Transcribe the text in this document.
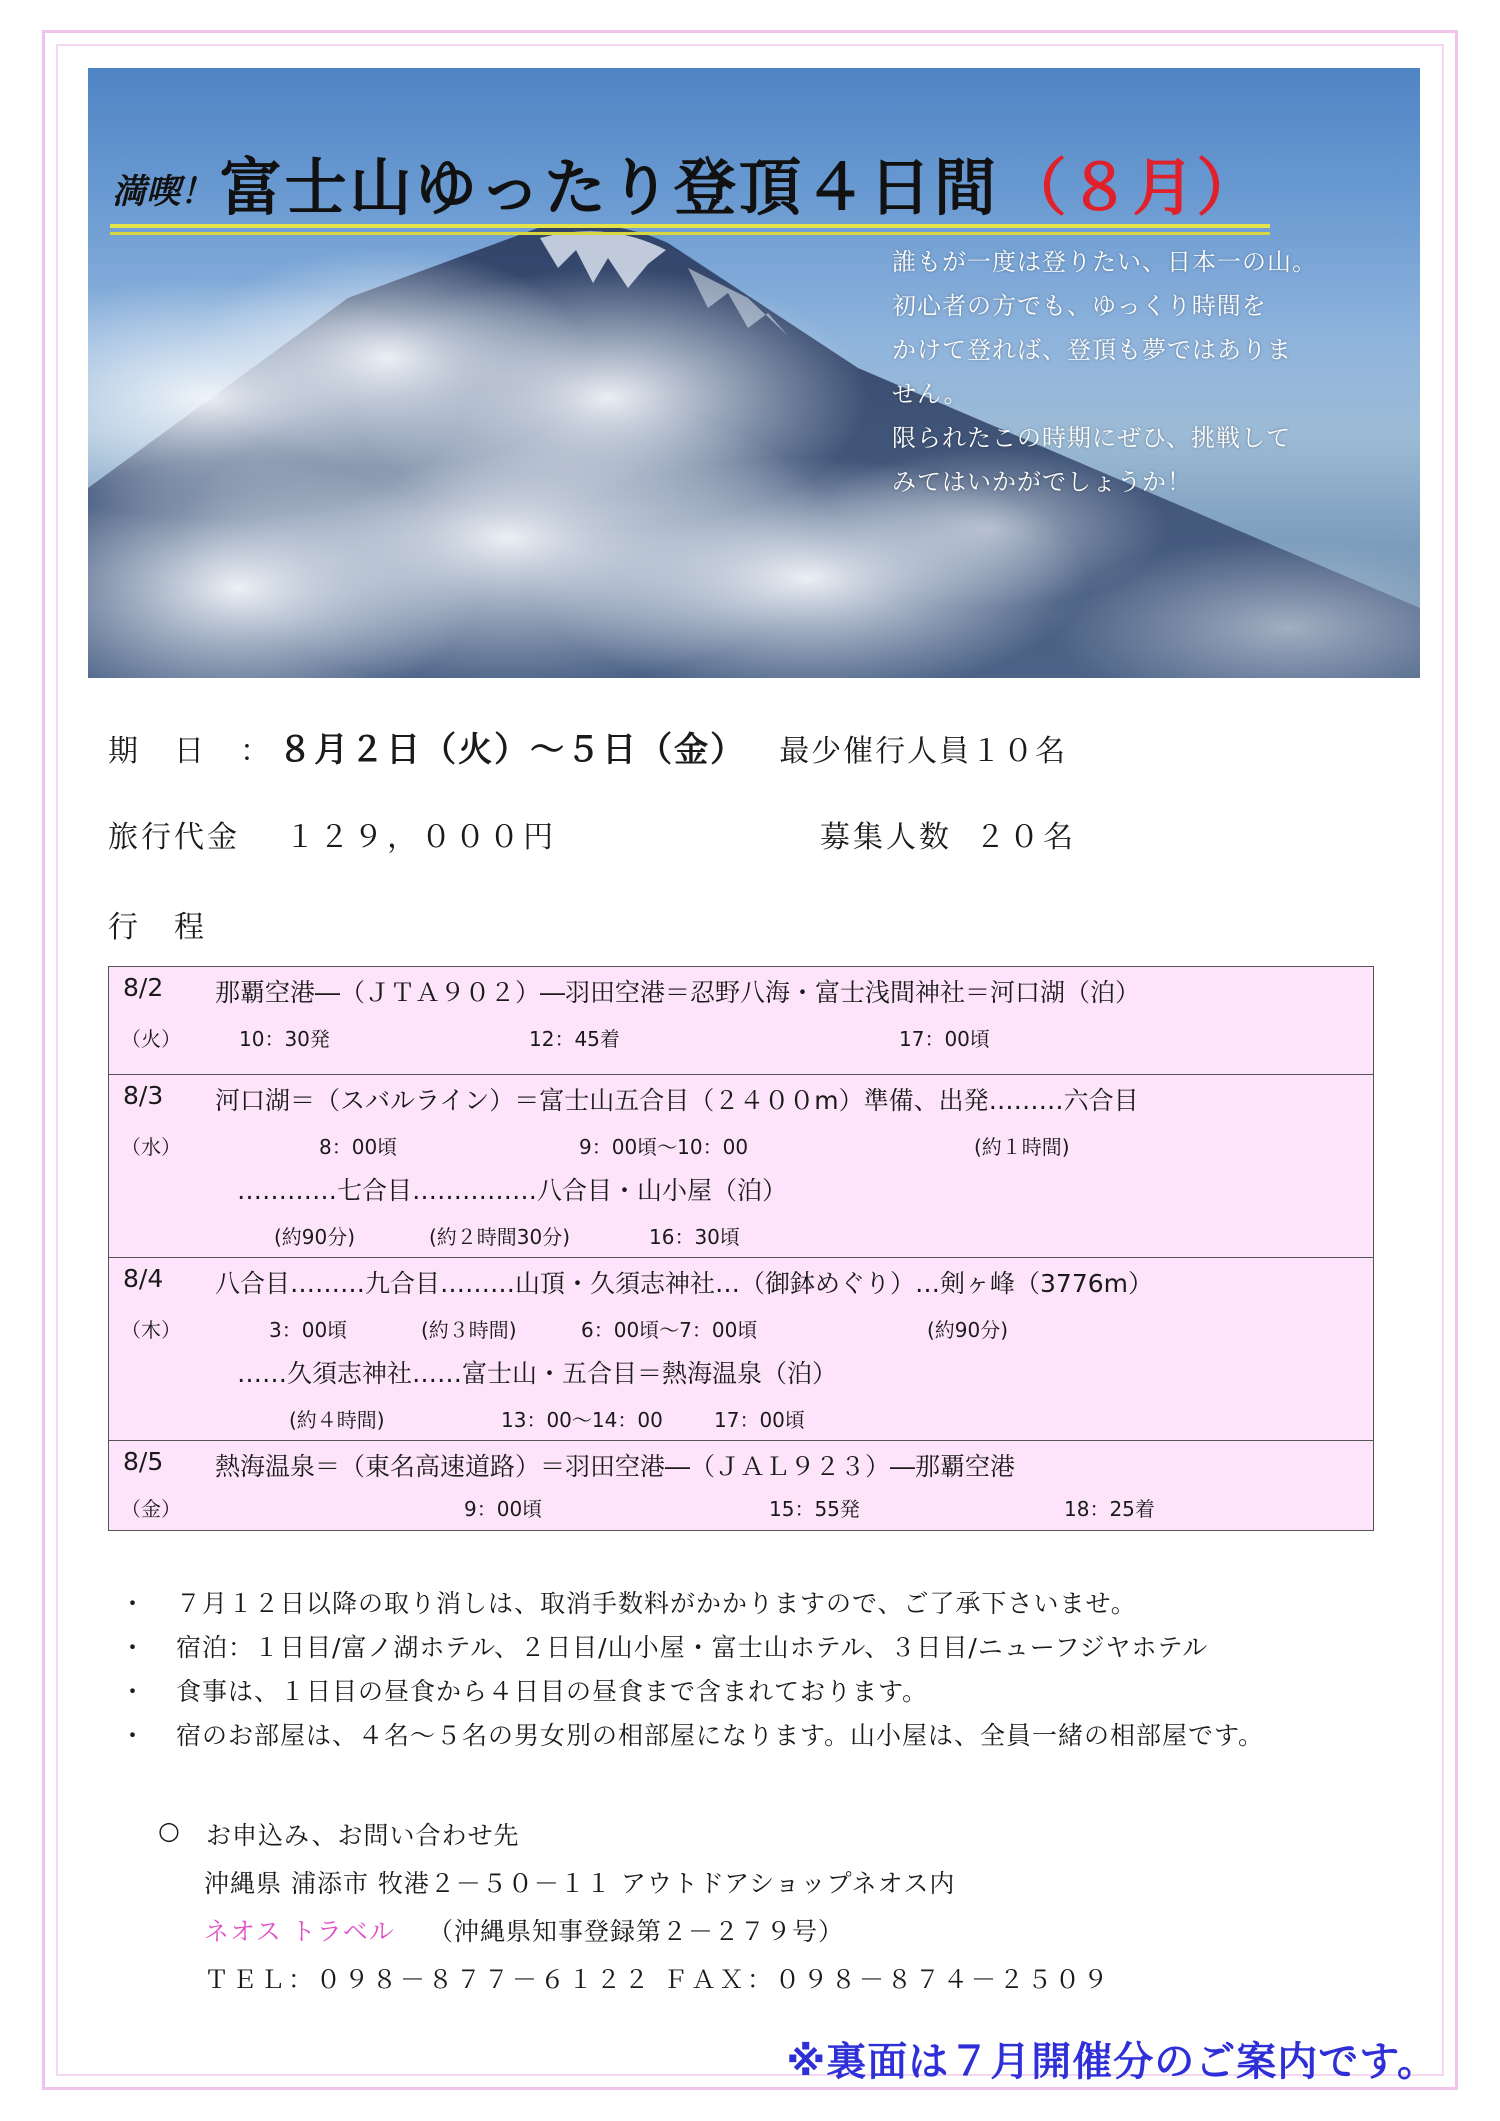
満喫！ 富士山ゆったり登頂４日間 （８月）
誰もが一度は登りたい、日本一の山。
初心者の方でも、ゆっくり時間を
かけて登れば、登頂も夢ではありま
せん。
限られたこの時期にぜひ、挑戦して
みてはいかがでしょうか！
期　日　： ８月２日（火）～５日（金） 最少催行人員１０名
旅行代金 １２９，０００円	募集人数 ２０名
行　程
8/2 那覇空港―（ＪＴＡ９０２）―羽田空港＝忍野八海・富士浅間神社＝河口湖（泊）
（火）	10：30発	12：45着	17：00頃
8/3 河口湖＝（スバルライン）＝富士山五合目（２４００m）準備、出発………六合目
（水）	8：00頃	9：00頃～10：00	(約１時間)
…………七合目……………八合目・山小屋（泊）
(約90分)	(約２時間30分)	16：30頃
8/4 八合目………九合目………山頂・久須志神社…（御鉢めぐり）…剣ヶ峰（3776m）
（木）	3：00頃	(約３時間)	6：00頃～7：00頃	(約90分)
……久須志神社……富士山・五合目＝熱海温泉（泊）
(約４時間)	13：00～14：00	17：00頃
8/5 熱海温泉＝（東名高速道路）＝羽田空港―（ＪＡＬ９２３）―那覇空港
（金）	9：00頃	15：55発	18：25着
・ ７月１２日以降の取り消しは、取消手数料がかかりますので、ご了承下さいませ。
・ 宿泊：１日目/富ノ湖ホテル、２日目/山小屋・富士山ホテル、３日目/ニューフジヤホテル
・ 食事は、１日目の昼食から４日目の昼食まで含まれております。
・ 宿のお部屋は、４名～５名の男女別の相部屋になります。山小屋は、全員一緒の相部屋です。
○ お申込み、お問い合わせ先
沖縄県 浦添市 牧港２－５０－１１ アウトドアショップネオス内
ネオス トラベル （沖縄県知事登録第２－２７９号）
ＴＥＬ：０９８－８７７－６１２２ ＦＡＸ：０９８－８７４－２５０９
※裏面は７月開催分のご案内です。
